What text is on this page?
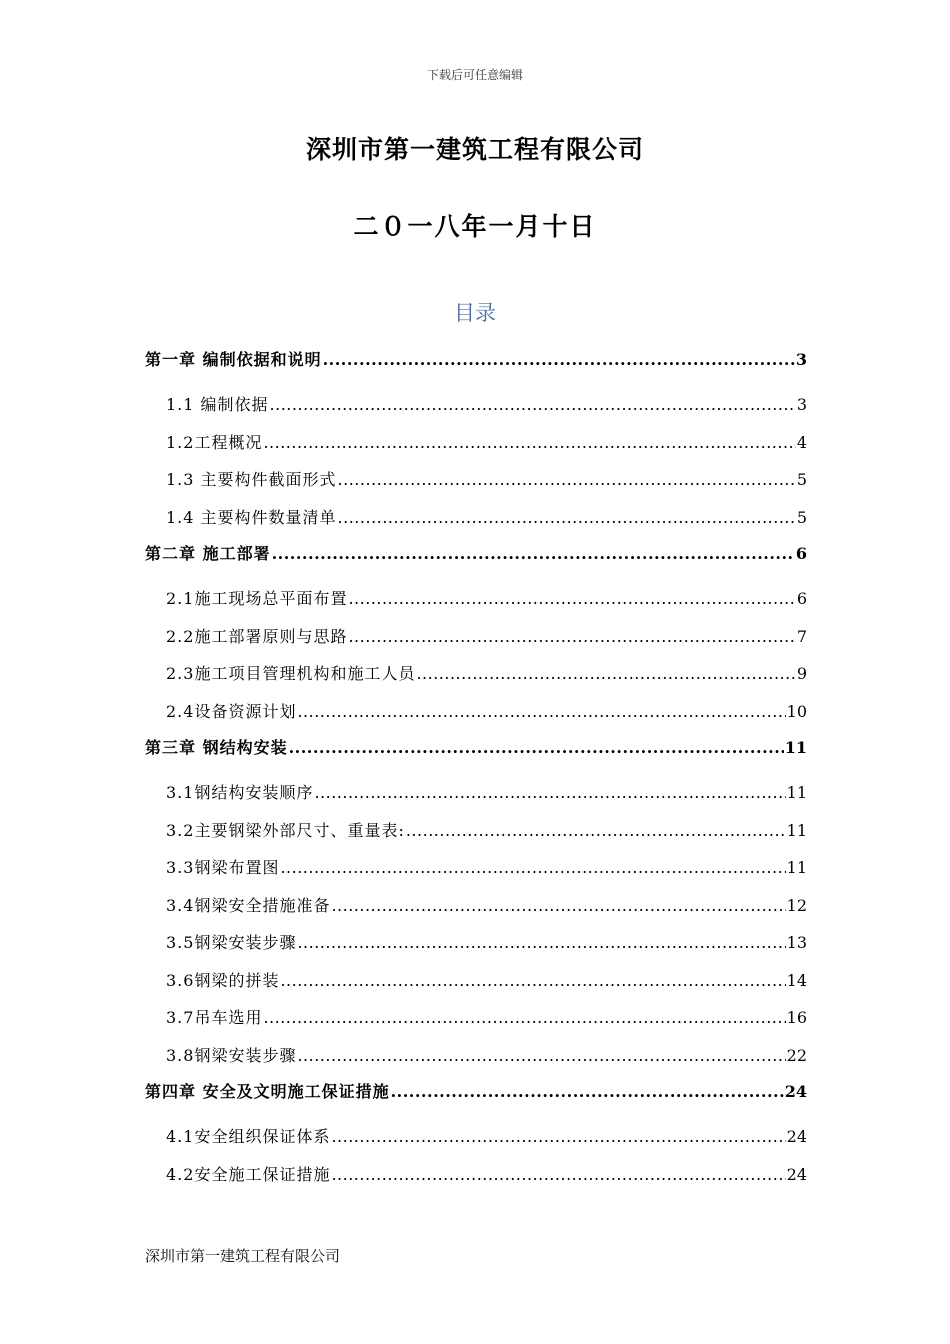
下载后可任意编辑
深圳市第一建筑工程有限公司
二０一八年一月十日
目录
第一章 编制依据和说明 .....	3
1.1 编制依据 .....	3
1.2工程概况 .....	4
1.3 主要构件截面形式 .....	5
1.4 主要构件数量清单 .....	5
第二章 施工部署 .....	6
2.1施工现场总平面布置 .....	6
2.2施工部署原则与思路 .....	7
2.3施工项目管理机构和施工人员 .....	9
2.4设备资源计划 .....	10
第三章 钢结构安装 .....	11
3.1钢结构安装顺序 .....	11
3.2主要钢梁外部尺寸、重量表: .....	11
3.3钢梁布置图 .....	11
3.4钢梁安全措施准备 .....	12
3.5钢梁安装步骤 .....	13
3.6钢梁的拼装 .....	14
3.7吊车选用 .....	16
3.8钢梁安装步骤 .....	22
第四章 安全及文明施工保证措施 .....	24
4.1安全组织保证体系 .....	24
4.2安全施工保证措施 .....	24
深圳市第一建筑工程有限公司
